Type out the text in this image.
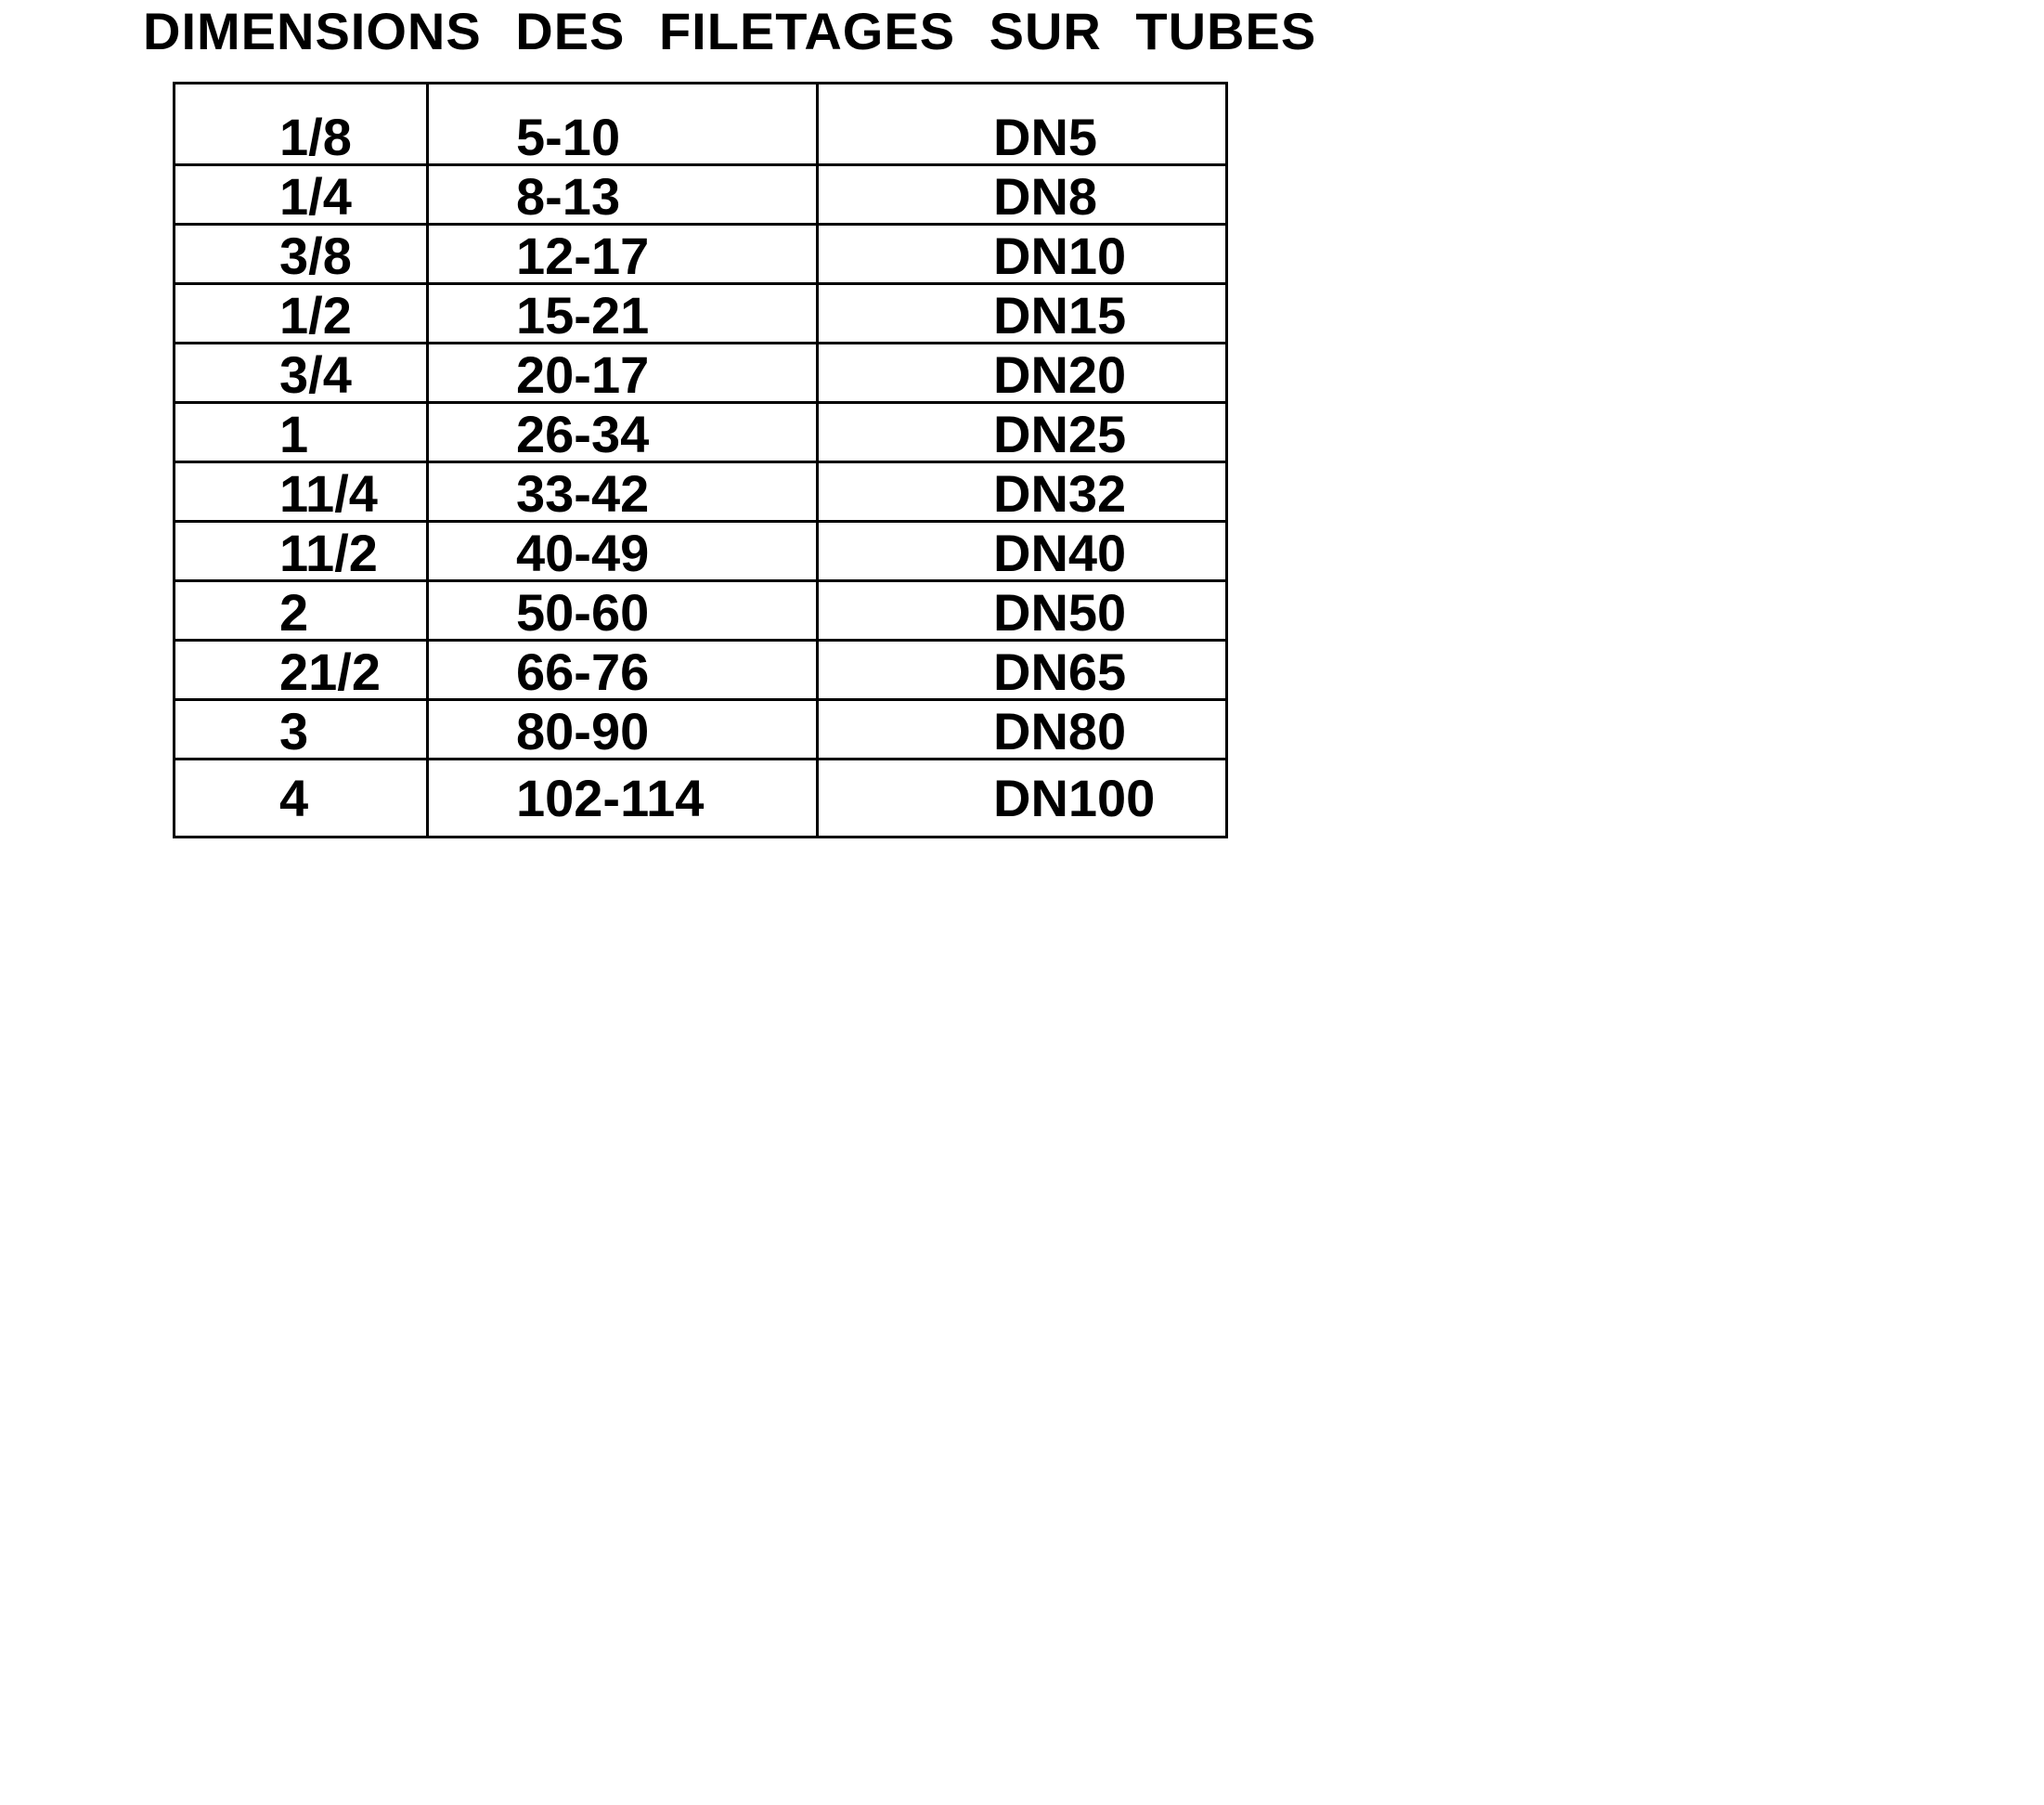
DIMENSIONS DES FILETAGES SUR TUBES
1/8	5-10	DN5
1/4	8-13	DN8
3/8	12-17	DN10
1/2	15-21	DN15
3/4	20-17	DN20
1	26-34	DN25
11/4	33-42	DN32
11/2	40-49	DN40
2	50-60	DN50
21/2	66-76	DN65
3	80-90	DN80
4	102-114	DN100
